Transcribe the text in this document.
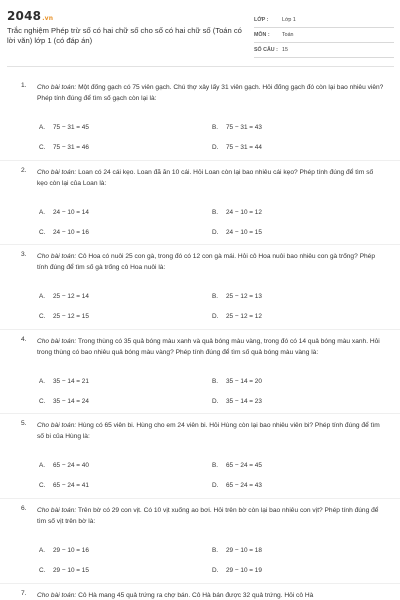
2048.vn
Trắc nghiệm Phép trừ số có hai chữ số cho số có hai chữ số (Toán có lời văn) lớp 1 (có đáp án)
LỚP :	Lớp 1
MÔN : Toán
SỐ CÂU : 15
1. Cho bài toán: Một đống gạch có 75 viên gạch. Chú thợ xây lấy 31 viên gạch. Hỏi đống gạch đó còn lại bao nhiêu viên? Phép tính đúng để tìm số gạch còn lại là:
A. 75 − 31 = 45	B. 75 − 31 = 43
C. 75 − 31 = 46	D. 75 − 31 = 44
2. Cho bài toán: Loan có 24 cái kẹo. Loan đã ăn 10 cái. Hỏi Loan còn lại bao nhiêu cái kẹo? Phép tính đúng để tìm số kẹo còn lại của Loan là:
A. 24 − 10 = 14	B. 24 − 10 = 12
C. 24 − 10 = 16	D. 24 − 10 = 15
3. Cho bài toán: Cô Hoa có nuôi 25 con gà, trong đó có 12 con gà mái. Hỏi cô Hoa nuôi bao nhiêu con gà trống? Phép tính đúng để tìm số gà trống cô Hoa nuôi là:
A. 25 − 12 = 14	B. 25 − 12 = 13
C. 25 − 12 = 15	D. 25 − 12 = 12
4. Cho bài toán: Trong thùng có 35 quả bóng màu xanh và quả bóng màu vàng, trong đó có 14 quả bóng màu xanh. Hỏi trong thùng có bao nhiêu quả bóng màu vàng? Phép tính đúng để tìm số quả bóng màu vàng là:
A. 35 − 14 = 21	B. 35 − 14 = 20
C. 35 − 14 = 24	D. 35 − 14 = 23
5. Cho bài toán: Hùng có 65 viên bi. Hùng cho em 24 viên bi. Hỏi Hùng còn lại bao nhiêu viên bi? Phép tính đúng để tìm số bi của Hùng là:
A. 65 − 24 = 40	B. 65 − 24 = 45
C. 65 − 24 = 41	D. 65 − 24 = 43
6. Cho bài toán: Trên bờ có 29 con vịt. Có 10 vịt xuống ao bơi. Hỏi trên bờ còn lại bao nhiêu con vịt? Phép tính đúng để tìm số vịt trên bờ là:
A. 29 − 10 = 16	B. 29 − 10 = 18
C. 29 − 10 = 15	D. 29 − 10 = 19
7. Cho bài toán: Cô Hà mang 45 quả trứng ra chợ bán. Cô Hà bán được 32 quả trứng. Hỏi cô Hà
